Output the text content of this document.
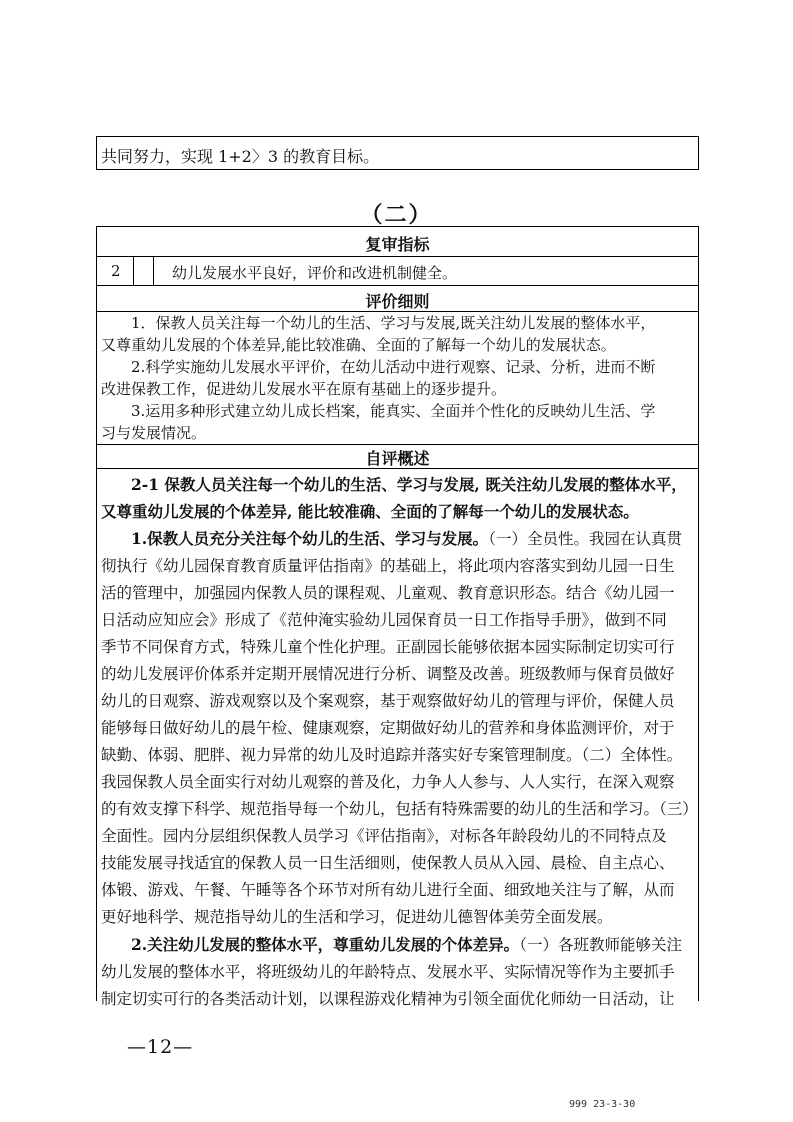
共同努力，实现 1+2〉3 的教育目标。
（二）
复审指标
2	幼儿发展水平良好，评价和改进机制健全。
评价细则
1．保教人员关注每一个幼儿的生活、学习与发展,既关注幼儿发展的整体水平，
又尊重幼儿发展的个体差异,能比较准确、全面的了解每一个幼儿的发展状态。
2.科学实施幼儿发展水平评价，在幼儿活动中进行观察、记录、分析，进而不断
改进保教工作，促进幼儿发展水平在原有基础上的逐步提升。
3.运用多种形式建立幼儿成长档案，能真实、全面并个性化的反映幼儿生活、学
习与发展情况。
自评概述
2-1 保教人员关注每一个幼儿的生活、学习与发展, 既关注幼儿发展的整体水平，
又尊重幼儿发展的个体差异, 能比较准确、全面的了解每一个幼儿的发展状态。
1.保教人员充分关注每个幼儿的生活、学习与发展。（一）全员性。我园在认真贯
彻执行《幼儿园保育教育质量评估指南》的基础上，将此项内容落实到幼儿园一日生
活的管理中，加强园内保教人员的课程观、儿童观、教育意识形态。结合《幼儿园一
日活动应知应会》形成了《范仲淹实验幼儿园保育员一日工作指导手册》，做到不同
季节不同保育方式，特殊儿童个性化护理。正副园长能够依据本园实际制定切实可行
的幼儿发展评价体系并定期开展情况进行分析、调整及改善。班级教师与保育员做好
幼儿的日观察、游戏观察以及个案观察，基于观察做好幼儿的管理与评价，保健人员
能够每日做好幼儿的晨午检、健康观察，定期做好幼儿的营养和身体监测评价，对于
缺勤、体弱、肥胖、视力异常的幼儿及时追踪并落实好专案管理制度。（二）全体性。
我园保教人员全面实行对幼儿观察的普及化，力争人人参与、人人实行，在深入观察
的有效支撑下科学、规范指导每一个幼儿，包括有特殊需要的幼儿的生活和学习。（三）
全面性。园内分层组织保教人员学习《评估指南》，对标各年龄段幼儿的不同特点及
技能发展寻找适宜的保教人员一日生活细则，使保教人员从入园、晨检、自主点心、
体锻、游戏、午餐、午睡等各个环节对所有幼儿进行全面、细致地关注与了解，从而
更好地科学、规范指导幼儿的生活和学习，促进幼儿德智体美劳全面发展。
2.关注幼儿发展的整体水平，尊重幼儿发展的个体差异。（一）各班教师能够关注
幼儿发展的整体水平，将班级幼儿的年龄特点、发展水平、实际情况等作为主要抓手
制定切实可行的各类活动计划，以课程游戏化精神为引领全面优化师幼一日活动，让
—12—
999 23-3-30
